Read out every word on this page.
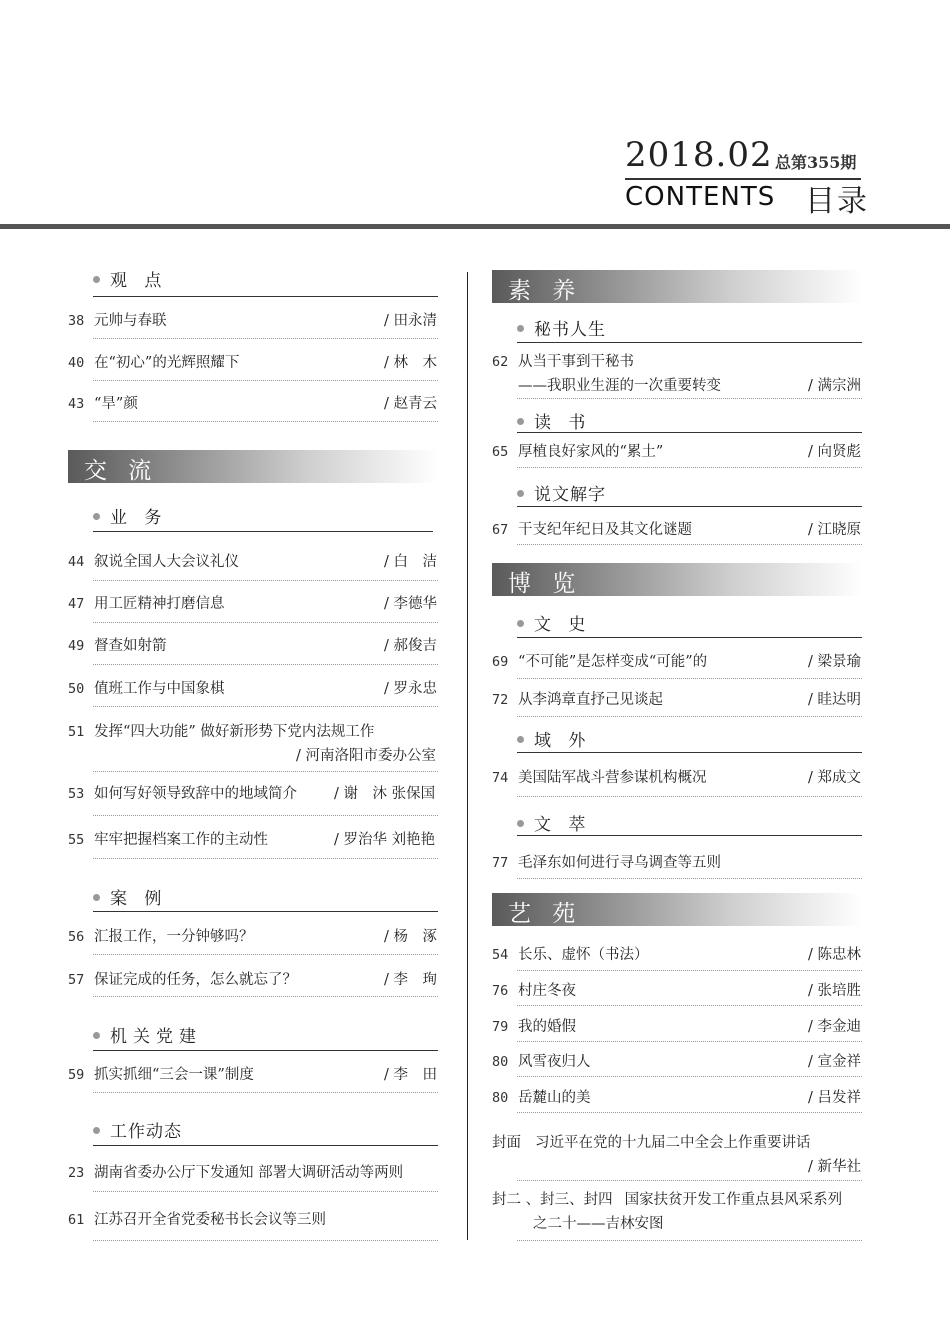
2018.02 总第355期
CONTENTS 目录
观 点
38 元帅与春联	/ 田永清
40 在“初心”的光辉照耀下	/ 林　木
43 “旱”颜	/ 赵青云
交 流
业 务
44 叙说全国人大会议礼仪	/ 白　洁
47 用工匠精神打磨信息	/ 李德华
49 督查如射箭	/ 郝俊吉
50 值班工作与中国象棋	/ 罗永忠
51 发挥“四大功能” 做好新形势下党内法规工作
/ 河南洛阳市委办公室
53 如何写好领导致辞中的地域简介	/ 谢　沐 张保国
55 牢牢把握档案工作的主动性	/ 罗治华 刘艳艳
案 例
56 汇报工作，一分钟够吗？	/ 杨　涿
57 保证完成的任务，怎么就忘了？	/ 李　珣
机关党建
59 抓实抓细“三会一课”制度	/ 李　田
工作动态
23 湖南省委办公厅下发通知 部署大调研活动等两则
61 江苏召开全省党委秘书长会议等三则
素 养
秘书人生
62 从当干事到干秘书
——我职业生涯的一次重要转变	/ 满宗洲
读 书
65 厚植良好家风的“累土”	/ 向贤彪
说文解字
67 干支纪年纪日及其文化谜题	/ 江晓原
博 览
文 史
69 “不可能”是怎样变成“可能”的	/ 梁景瑜
72 从李鸿章直抒己见谈起	/ 眭达明
域 外
74 美国陆军战斗营参谋机构概况	/ 郑成文
文 萃
77 毛泽东如何进行寻乌调查等五则
艺 苑
54 长乐、虚怀（书法）	/ 陈忠林
76 村庄冬夜	/ 张培胜
79 我的婚假	/ 李金迪
80 风雪夜归人	/ 宣金祥
80 岳麓山的美	/ 吕发祥
封面 习近平在党的十九届二中全会上作重要讲话
/ 新华社
封二 、封三、封四 国家扶贫开发工作重点县风采系列
之二十——吉林安图
